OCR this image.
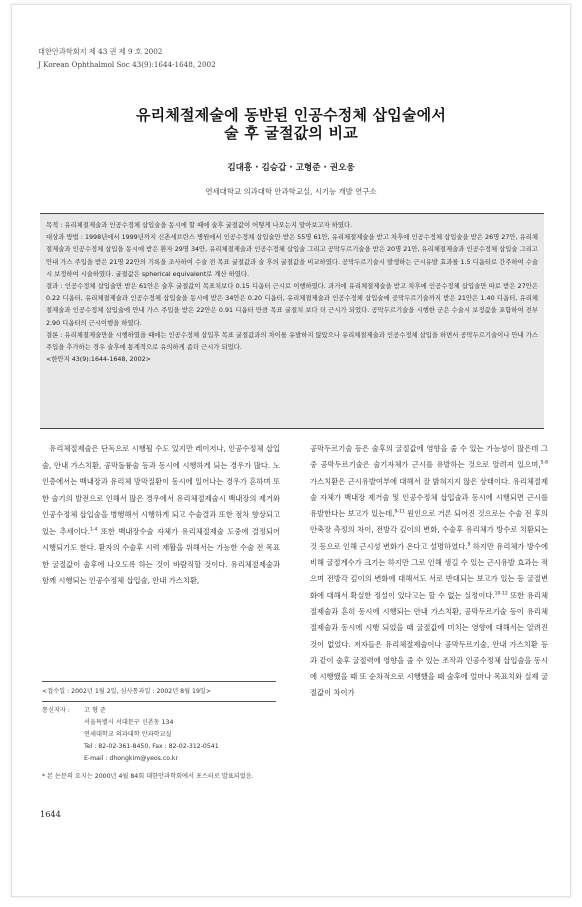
대한안과학회지 제 43 권 제 9 호 2002
J Korean Ophthalmol Soc 43(9):1644-1648, 2002
유리체절제술에 동반된 인공수정체 삽입술에서
술 후 굴절값의 비교
김대흥 · 김승갑 · 고형준 · 권오웅
연세대학교 의과대학 안과학교실, 시기능 개발 연구소

목적 : 유리체절제술과 인공수정체 삽입술을 동시에 할 때에 술후 굴절값이 어떻게 나오는지 알아보고자 하였다.

대상과 방법 : 1998년에서 1999년까지 신촌세브란스 병원에서 인공수정체 삽입술만 받은 55명 61안, 유리체절제술을 받고 차후에 인공수정체 삽입술을 받은 26명 27안, 유리체절제술과 인공수정체 삽입을 동시에 받은 환자 29명 34안, 유리체절제술과 인공수정체 삽입술 그리고 공막두르기술을 받은 20명 21안, 유리체절제술과 인공수정체 삽입술 그리고 안내 가스 주입을 받은 21명 22안의 기록을 조사하여 수술 전 목표 굴절값과 술 후의 굴절값을 비교하였다. 공막두르기술시 발생하는 근시유발 효과를 1.5 디옵터로 간주하여 수술시 보정하여 시술하였다. 굴절값은 spherical equivalent로 계산 하였다.

결과 : 인공수정체 삽입술만 받은 61안은 술후 굴절값이 목표치보다 0.15 디옵터 근시로 이행하였다. 과거에 유리체절제술을 받고 차후에 인공수정체 삽입술만 따로 받은 27안은 0.22 디옵터, 유리체절제술과 인공수정체 삽입술을 동시에 받은 34안은 0.20 디옵터, 유리체절제술과 인공수정체 삽입술에 공막두르기술까지 받은 21안은 1.40 디옵터, 유리체절제술과 인공수정체 삽입술에 안내 가스 주입을 받은 22안은 0.91 디옵터 만큼 목표 굴절치 보다 더 근시가 되었다. 공막두르기술을 시행한 군은 수술시 보정값을 포함하여 전부 2.90 디옵터의 근시이행을 하였다.

결론 : 유리체절제술만을 시행하였을 때에는 인공수정체 삽입후 목표 굴절값과의 차이를 유발하지 않았으나 유리체절제술과 인공수정체 삽입을 하면서 공막두르기술이나 안내 가스 주입을 추가하는 경우 술후에 통계적으로 유의하게 좀더 근시가 되었다.

<한안지 43(9):1644-1648, 2002>

유리체절제술은 단독으로 시행될 수도 있지만 레이저나, 인공수정체 삽입술, 안내 가스치환, 공막돌륭술 등과 동시에 시행하게 되는 경우가 많다. 노인층에서는 백내장과 유리체 망막질환이 동시에 일어나는 경우가 흔하며 또한 술기의 발전으로 인해서 많은 경우에서 유리체절제술시 백내장의 제거와 인공수정체 삽입술을 병행해서 시행하게 되고 수술결과 또한 점차 향상되고 있는 추세이다.$^{1-4}$ 또한 백내장수술 자체가 유리체절제술 도중에 결정되어 시행되기도 한다. 환자의 수술후 시력 재활을 위해서는 가능한 수술 전 목표한 굴절값이 술후에 나오도록 하는 것이 바람직할 것이다. 유리체절제술과 함께 시행되는 인공수정체 삽입술, 안내 가스치환,

<접수일 : 2002년 1월 2일, 심사통과일 : 2002년 8월 19일>
통신저자 :	고 형 준
서울특별시 서대문구 신촌동 134
연세대학교 의과대학 안과학교실
Tel : 82-02-361-8450, Fax : 82-02-312-0541
E-mail : dhongkim@yeos.co.kr
* 본 논문의 요지는 2000년 4월 84회 대한안과학회에서 포스터로 발표되었음.

공막두르기술 등은 술후의 굴절값에 영향을 줄 수 있는 가능성이 많은데 그중 공막두르기술은 술기자체가 근시를 유발하는 것으로 알려져 있으며,$^{5-8}$ 가스치환은 근시유발여부에 대해서 잘 밝혀지지 않은 상태이다. 유리체절제술 자체가 백내장 제거술 및 인공수정체 삽입술과 동시에 시행되면 근시를 유발한다는 보고가 있는데,$^{9-11}$ 원인으로 거론 되어진 것으로는 수술 전 후의 안축장 측정의 차이, 전방각 깊이의 변화, 수술후 유리체가 방수로 치환되는 것 등으로 인해 근시성 변화가 온다고 설명하였다.$^9$ 하지만 유리체가 방수에 비해 굴절계수가 크기는 하지만 그로 인해 생길 수 있는 근시유발 효과는 적으며 전방각 깊이의 변화에 대해서도 서로 반대되는 보고가 있는 등 굴절변화에 대해서 확실한 정설이 있다고는 할 수 없는 실정이다.$^{10-12}$ 또한 유리체절제술과 흔히 동시에 시행되는 안내 가스치환, 공막두르기술 등이 유리체절제술과 동시에 시행 되었을 때 굴절값에 미치는 영향에 대해서는 알려진 것이 없었다. 저자들은 유리체절제술이나 공막두르기술, 안내 가스치환 등과 같이 술후 굴절력에 영향을 줄 수 있는 조작과 인공수정체 삽입술을 동시에 시행했을 때 또 순차적으로 시행했을 때 술후에 얼마나 목표치와 실제 굴절값이 차이가

1644
